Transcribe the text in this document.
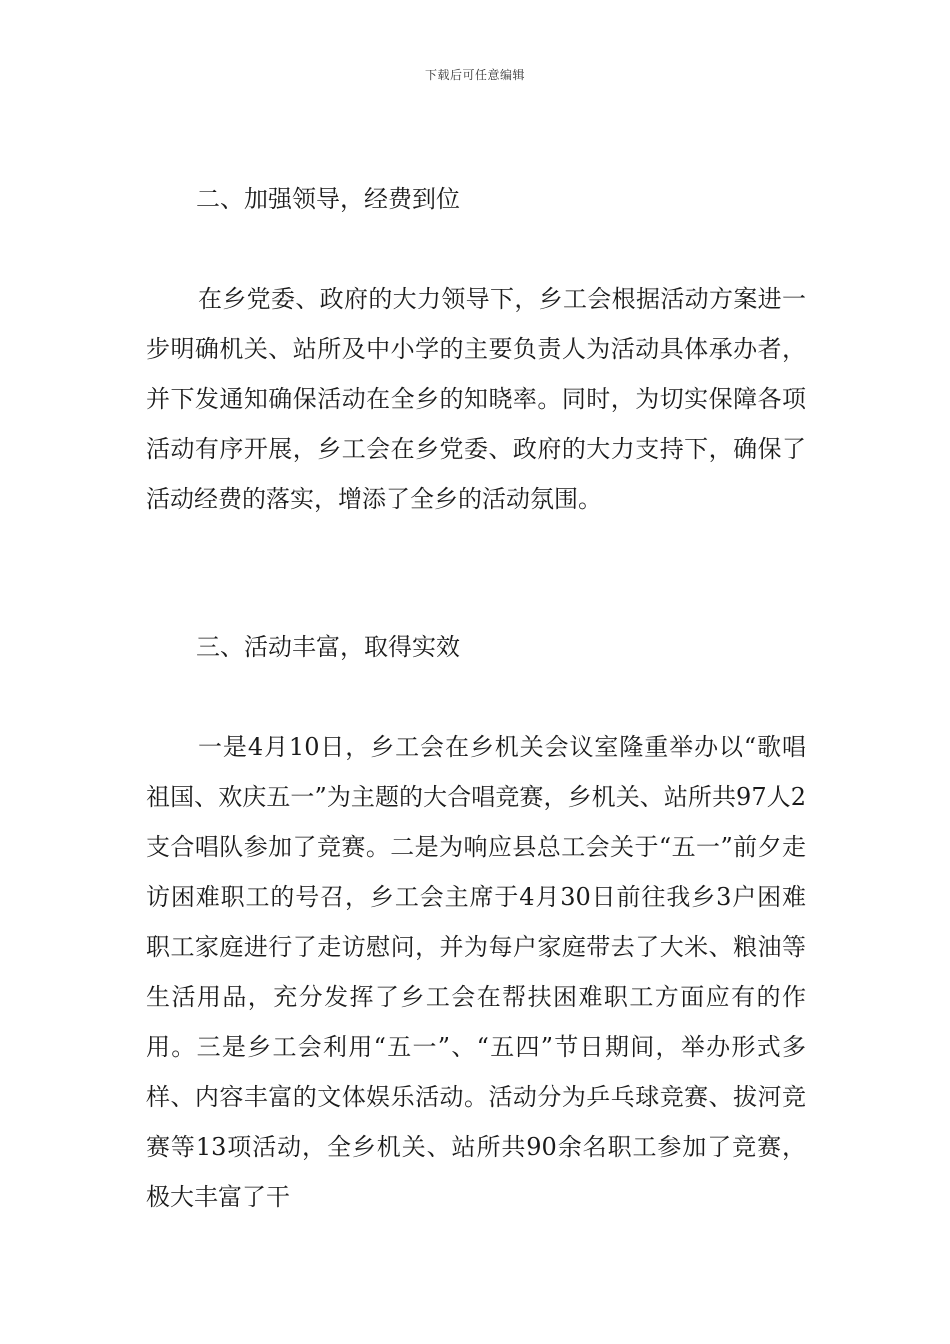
下载后可任意编辑
二、加强领导，经费到位

在乡党委、政府的大力领导下，乡工会根据活动方案进一步明确机关、站所及中小学的主要负责人为活动具体承办者，并下发通知确保活动在全乡的知晓率。同时，为切实保障各项活动有序开展，乡工会在乡党委、政府的大力支持下，确保了活动经费的落实，增添了全乡的活动氛围。

三、活动丰富，取得实效

一是4月10日，乡工会在乡机关会议室隆重举办以“歌唱祖国、欢庆五一”为主题的大合唱竞赛，乡机关、站所共97人2支合唱队参加了竞赛。二是为响应县总工会关于“五一”前夕走访困难职工的号召，乡工会主席于4月30日前往我乡3户困难职工家庭进行了走访慰问，并为每户家庭带去了大米、粮油等生活用品，充分发挥了乡工会在帮扶困难职工方面应有的作用。三是乡工会利用“五一”、“五四”节日期间，举办形式多样、内容丰富的文体娱乐活动。活动分为乒乓球竞赛、拔河竞赛等13项活动，全乡机关、站所共90余名职工参加了竞赛，极大丰富了干
